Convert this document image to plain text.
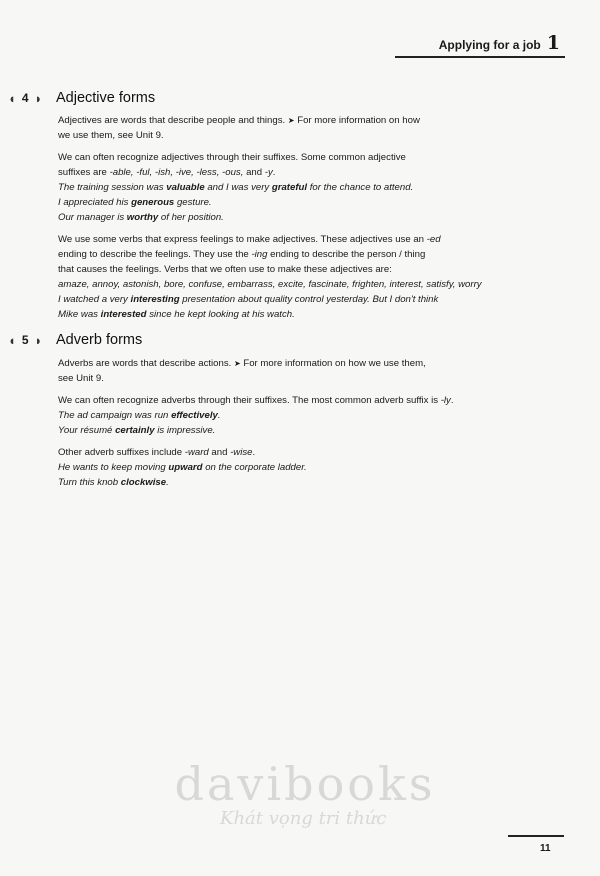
Applying for a job 1
◖ 4 ◗ Adjective forms

Adjectives are words that describe people and things. ➤ For more information on how
we use them, see Unit 9.

We can often recognize adjectives through their suffixes. Some common adjective
suffixes are -able, -ful, -ish, -ive, -less, -ous, and -y.

The training session was valuable and I was very grateful for the chance to attend.

I appreciated his generous gesture.

Our manager is worthy of her position.

We use some verbs that express feelings to make adjectives. These adjectives use an -ed
ending to describe the feelings. They use the -ing ending to describe the person / thing
that causes the feelings. Verbs that we often use to make these adjectives are:

amaze, annoy, astonish, bore, confuse, embarrass, excite, fascinate, frighten, interest, satisfy, worry

I watched a very interesting presentation about quality control yesterday. But I don't think
Mike was interested since he kept looking at his watch.

◖ 5 ◗ Adverb forms

Adverbs are words that describe actions. ➤ For more information on how we use them,
see Unit 9.

We can often recognize adverbs through their suffixes. The most common adverb suffix is -ly.

The ad campaign was run effectively.

Your résumé certainly is impressive.

Other adverb suffixes include -ward and -wise.

He wants to keep moving upward on the corporate ladder.

Turn this knob clockwise.

davibooks
Khát vọng tri thức
11
